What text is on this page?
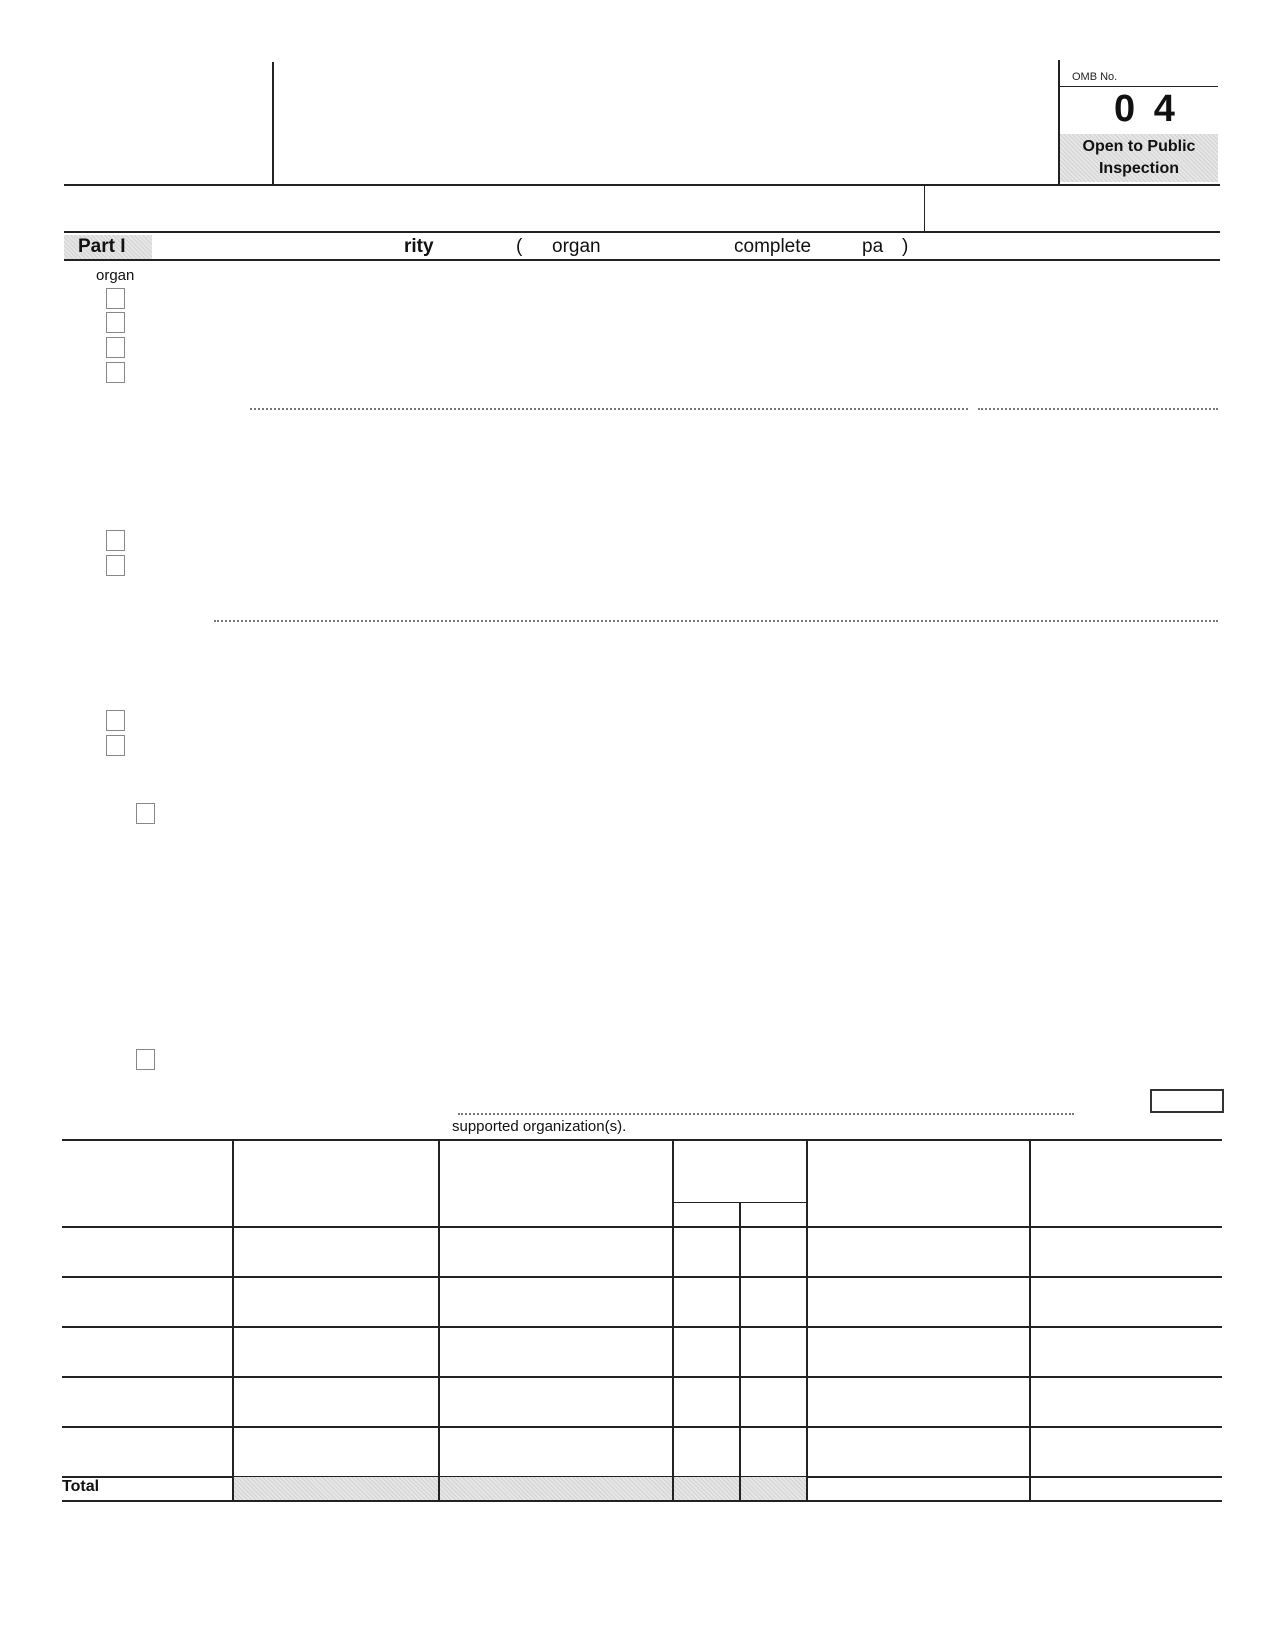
OMB No.
0 4
Open to Public Inspection
Part I	rity	( organ	complete	pa )
organ
supported organization(s).
Total
